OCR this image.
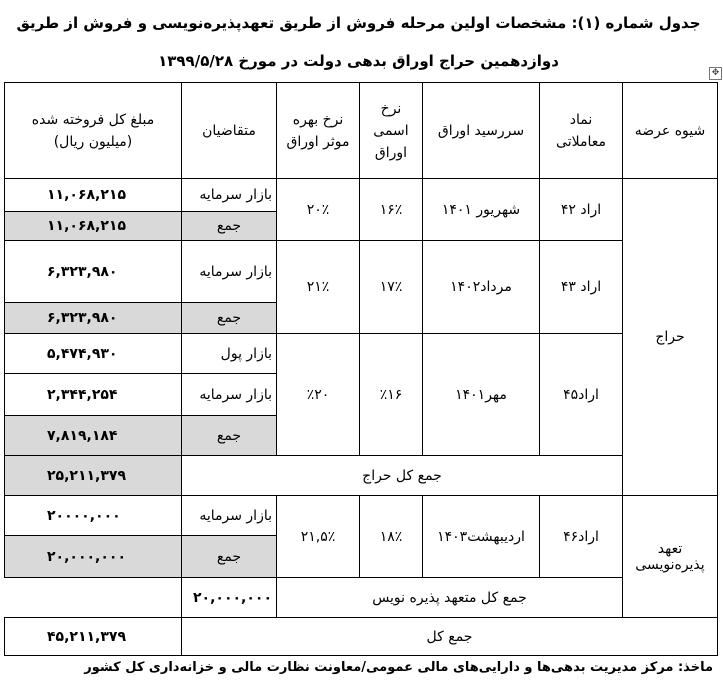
جدول شماره (۱): مشخصات اولین مرحله فروش از طریق تعهدپذیره‌نویسی و فروش از طریق
دوازدهمین حراج اوراق بدهی دولت در مورخ ۱۳۹۹/۵/۲۸
✥
شیوه عرضه	نماد معاملاتی	سررسید اوراق	نرخ اسمی اوراق	نرخ بهره موثر اوراق	متقاضیان	مبلغ کل فروخته شده (میلیون ریال)
حراج	اراد ۴۲	شهریور ۱۴۰۱	۱۶٪	۲۰٪	بازار سرمایه	۱۱,۰۶۸,۲۱۵
					جمع	۱۱,۰۶۸,۲۱۵
	اراد ۴۳	مرداد۱۴۰۲	۱۷٪	۲۱٪	بازار سرمایه	۶,۳۲۳,۹۸۰
					جمع	۶,۳۲۳,۹۸۰
	اراد۴۵	مهر۱۴۰۱	٪۱۶	٪۲۰	بازار پول	۵,۴۷۴,۹۳۰
					بازار سرمایه	۲,۳۴۴,۲۵۴
					جمع	۷,۸۱۹,۱۸۴
	جمع کل حراج					۲۵,۲۱۱,۳۷۹
تعهد پذیرەنویسی	اراد۴۶	اردیبهشت۱۴۰۳	۱۸٪	۲۱,۵٪	بازار سرمایه	۲۰۰۰۰,۰۰۰
					جمع	۲۰,۰۰۰,۰۰۰
	جمع کل متعهد پذیره نویس				۲۰,۰۰۰,۰۰۰	
جمع کل						۴۵,۲۱۱,۳۷۹
ماخذ: مرکز مدیریت بدهی‌ها و دارایی‌های مالی عمومی/معاونت نظارت مالی و خزانه‌داری کل کشور
